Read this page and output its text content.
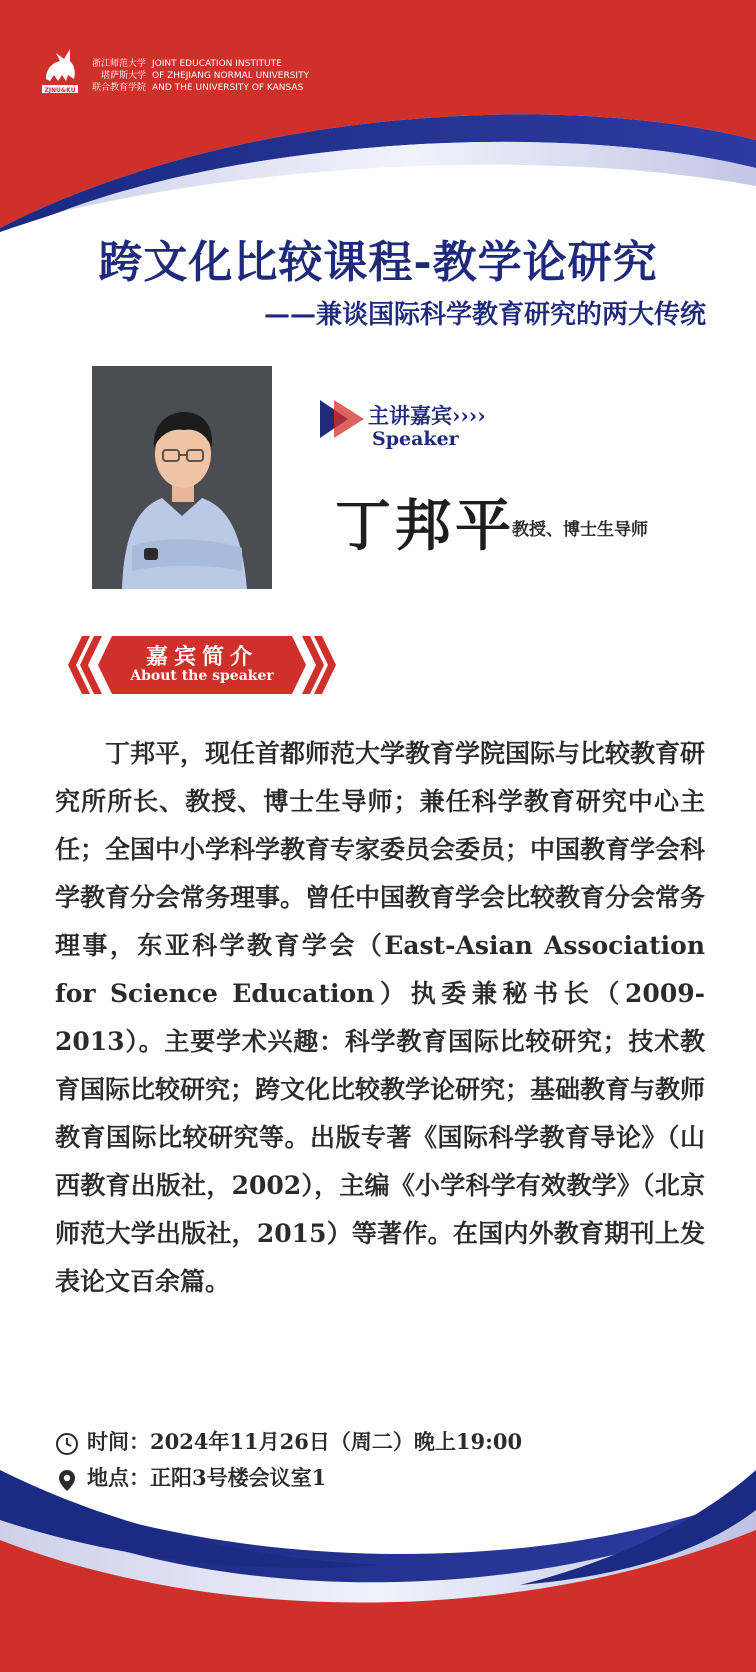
ZJNU&KU
浙江师范大学 JOINT EDUCATION INSTITUTE
堪萨斯大学 OF ZHEJIANG NORMAL UNIVERSITY
联合教育学院 AND THE UNIVERSITY OF KANSAS
跨文化比较课程-教学论研究
——兼谈国际科学教育研究的两大传统
主讲嘉宾››››
Speaker
丁邦平
教授、博士生导师
嘉宾简介
About the speaker

丁邦平，现任首都师范大学教育学院国际与比较教育研究所所长、教授、博士生导师；兼任科学教育研究中心主任；全国中小学科学教育专家委员会委员；中国教育学会科学教育分会常务理事。曾任中国教育学会比较教育分会常务理事，东亚科学教育学会（East-Asian Association for Science Education）执委兼秘书长（2009-2013）。主要学术兴趣：科学教育国际比较研究；技术教育国际比较研究；跨文化比较教学论研究；基础教育与教师教育国际比较研究等。出版专著《国际科学教育导论》（山西教育出版社，2002），主编《小学科学有效教学》（北京师范大学出版社，2015）等著作。在国内外教育期刊上发表论文百余篇。

时间：2024年11月26日（周二）晚上19:00
地点：正阳3号楼会议室1
